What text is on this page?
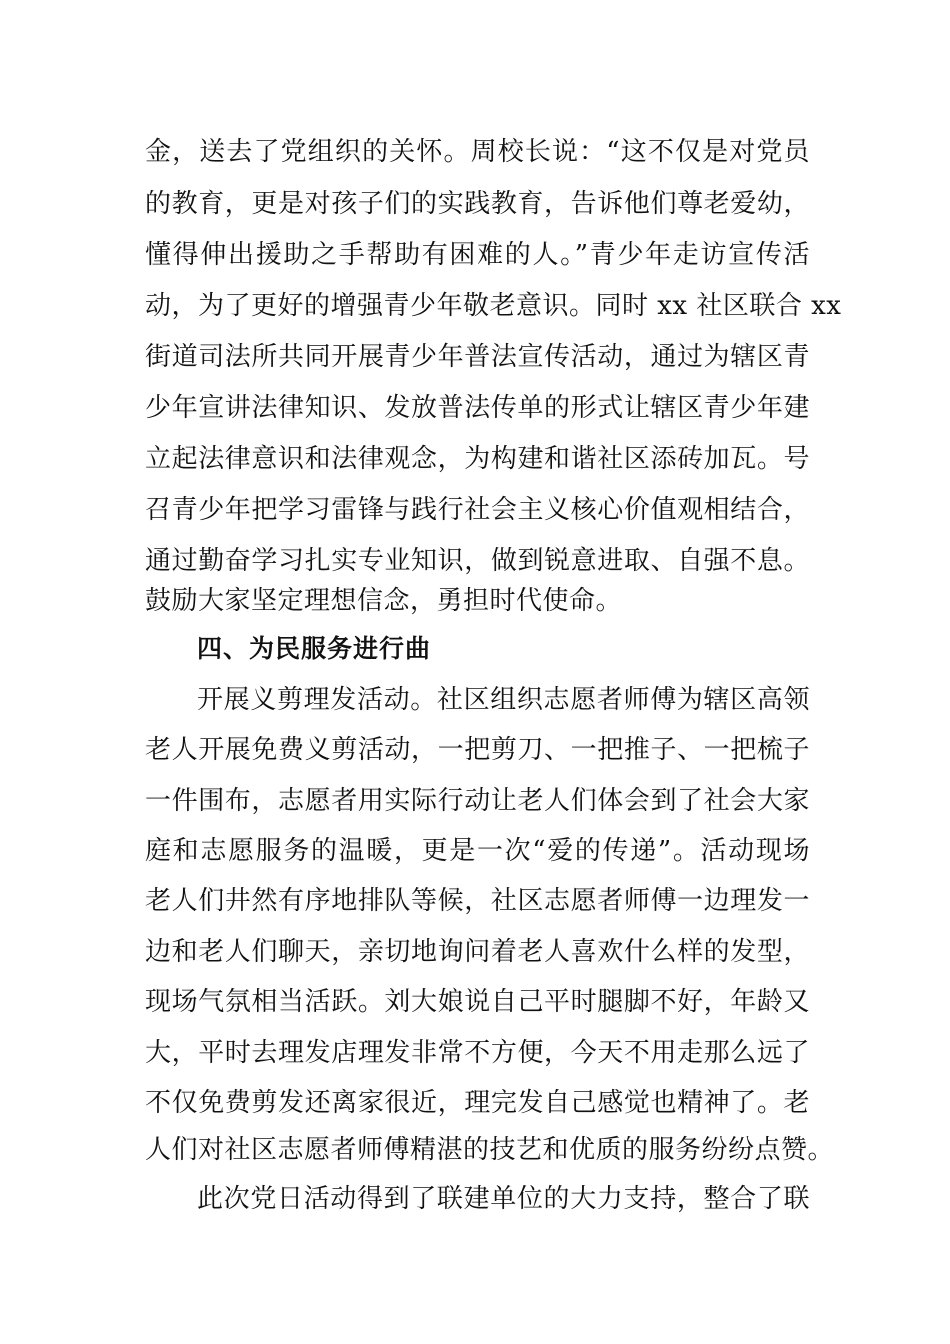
金，送去了党组织的关怀。周校长说：“这不仅是对党员
的教育，更是对孩子们的实践教育，告诉他们尊老爱幼，
懂得伸出援助之手帮助有困难的人。”青少年走访宣传活
动，为了更好的增强青少年敬老意识。同时 xx 社区联合 xx
街道司法所共同开展青少年普法宣传活动，通过为辖区青
少年宣讲法律知识、发放普法传单的形式让辖区青少年建
立起法律意识和法律观念，为构建和谐社区添砖加瓦。号
召青少年把学习雷锋与践行社会主义核心价值观相结合，
通过勤奋学习扎实专业知识，做到锐意进取、自强不息。
鼓励大家坚定理想信念，勇担时代使命。
四、为民服务进行曲
开展义剪理发活动。社区组织志愿者师傅为辖区高领
老人开展免费义剪活动，一把剪刀、一把推子、一把梳子
一件围布，志愿者用实际行动让老人们体会到了社会大家
庭和志愿服务的温暖，更是一次“爱的传递”。活动现场
老人们井然有序地排队等候，社区志愿者师傅一边理发一
边和老人们聊天，亲切地询问着老人喜欢什么样的发型，
现场气氛相当活跃。刘大娘说自己平时腿脚不好，年龄又
大，平时去理发店理发非常不方便，今天不用走那么远了
不仅免费剪发还离家很近，理完发自己感觉也精神了。老
人们对社区志愿者师傅精湛的技艺和优质的服务纷纷点赞。
此次党日活动得到了联建单位的大力支持，整合了联
